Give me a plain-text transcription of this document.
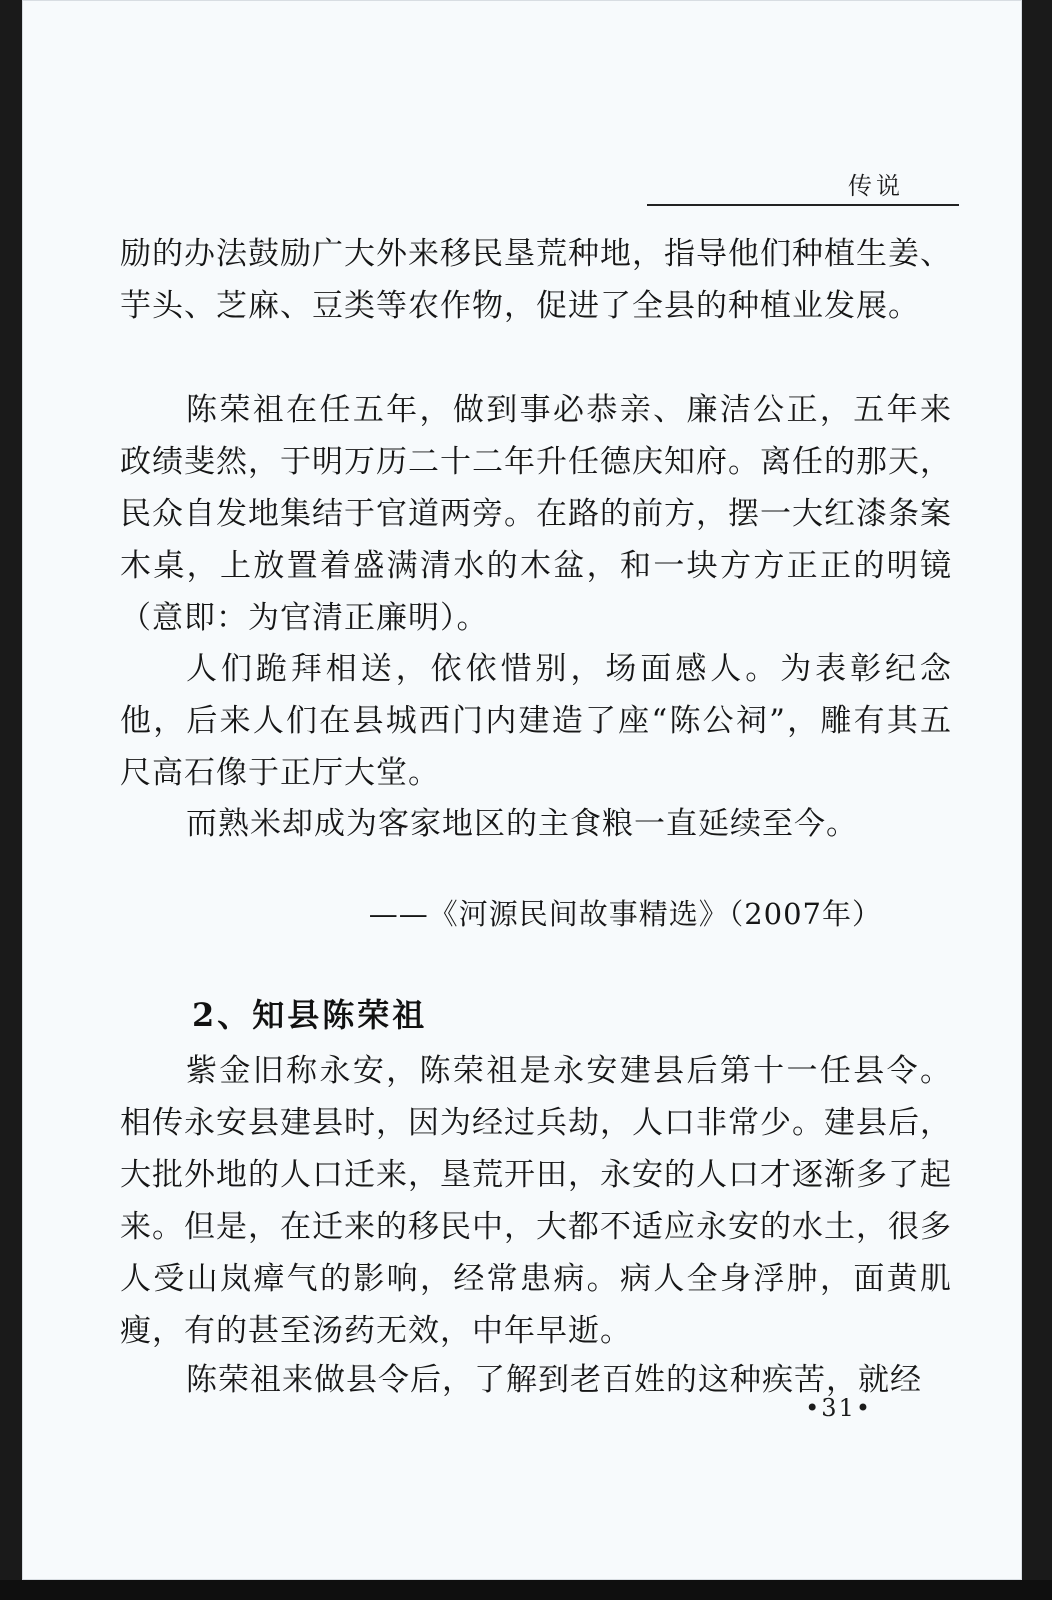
传说

励的办法鼓励广大外来移民垦荒种地，指导他们种植生姜、芋头、芝麻、豆类等农作物，促进了全县的种植业发展。

陈荣祖在任五年，做到事必恭亲、廉洁公正，五年来政绩斐然，于明万历二十二年升任德庆知府。离任的那天，民众自发地集结于官道两旁。在路的前方，摆一大红漆条案木桌，上放置着盛满清水的木盆，和一块方方正正的明镜（意即：为官清正廉明）。

人们跪拜相送，依依惜别，场面感人。为表彰纪念他，后来人们在县城西门内建造了座“陈公祠”，雕有其五尺高石像于正厅大堂。

而熟米却成为客家地区的主食粮一直延续至今。

——《河源民间故事精选》（2007年）
2、知县陈荣祖

紫金旧称永安，陈荣祖是永安建县后第十一任县令。相传永安县建县时，因为经过兵劫，人口非常少。建县后，大批外地的人口迁来，垦荒开田，永安的人口才逐渐多了起来。但是，在迁来的移民中，大都不适应永安的水土，很多人受山岚瘴气的影响，经常患病。病人全身浮肿，面黄肌瘦，有的甚至汤药无效，中年早逝。

陈荣祖来做县令后，了解到老百姓的这种疾苦，就经

•31•
